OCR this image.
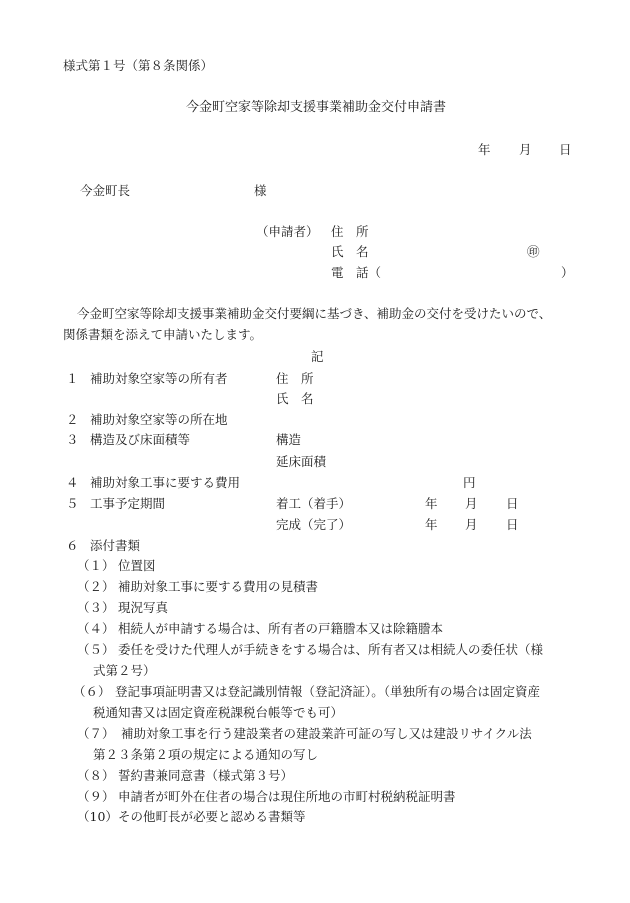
様式第１号（第８条関係）
今金町空家等除却支援事業補助金交付申請書
年 月 日
今金町長	様
（申請者） 住　所
氏　名	㊞
電　話（	）
今金町空家等除却支援事業補助金交付要綱に基づき、補助金の交付を受けたいので、
関係書類を添えて申請いたします。
記
１ 補助対象空家等の所有者	住　所
氏　名
２ 補助対象空家等の所在地
３ 構造及び床面積等	構造
延床面積
４ 補助対象工事に要する費用	円
５ 工事予定期間	着工（着手）	年 月 日
完成（完了）	年 月 日
６ 添付書類
（１） 位置図
（２） 補助対象工事に要する費用の見積書
（３） 現況写真
（４） 相続人が申請する場合は、所有者の戸籍謄本又は除籍謄本
（５） 委任を受けた代理人が手続きをする場合は、所有者又は相続人の委任状（様
式第２号）
（６） 登記事項証明書又は登記識別情報（登記済証）。（単独所有の場合は固定資産
税通知書又は固定資産税課税台帳等でも可）
（７） 補助対象工事を行う建設業者の建設業許可証の写し又は建設リサイクル法
第２３条第２項の規定による通知の写し
（８） 誓約書兼同意書（様式第３号）
（９） 申請者が町外在住者の場合は現住所地の市町村税納税証明書
（10） その他町長が必要と認める書類等
